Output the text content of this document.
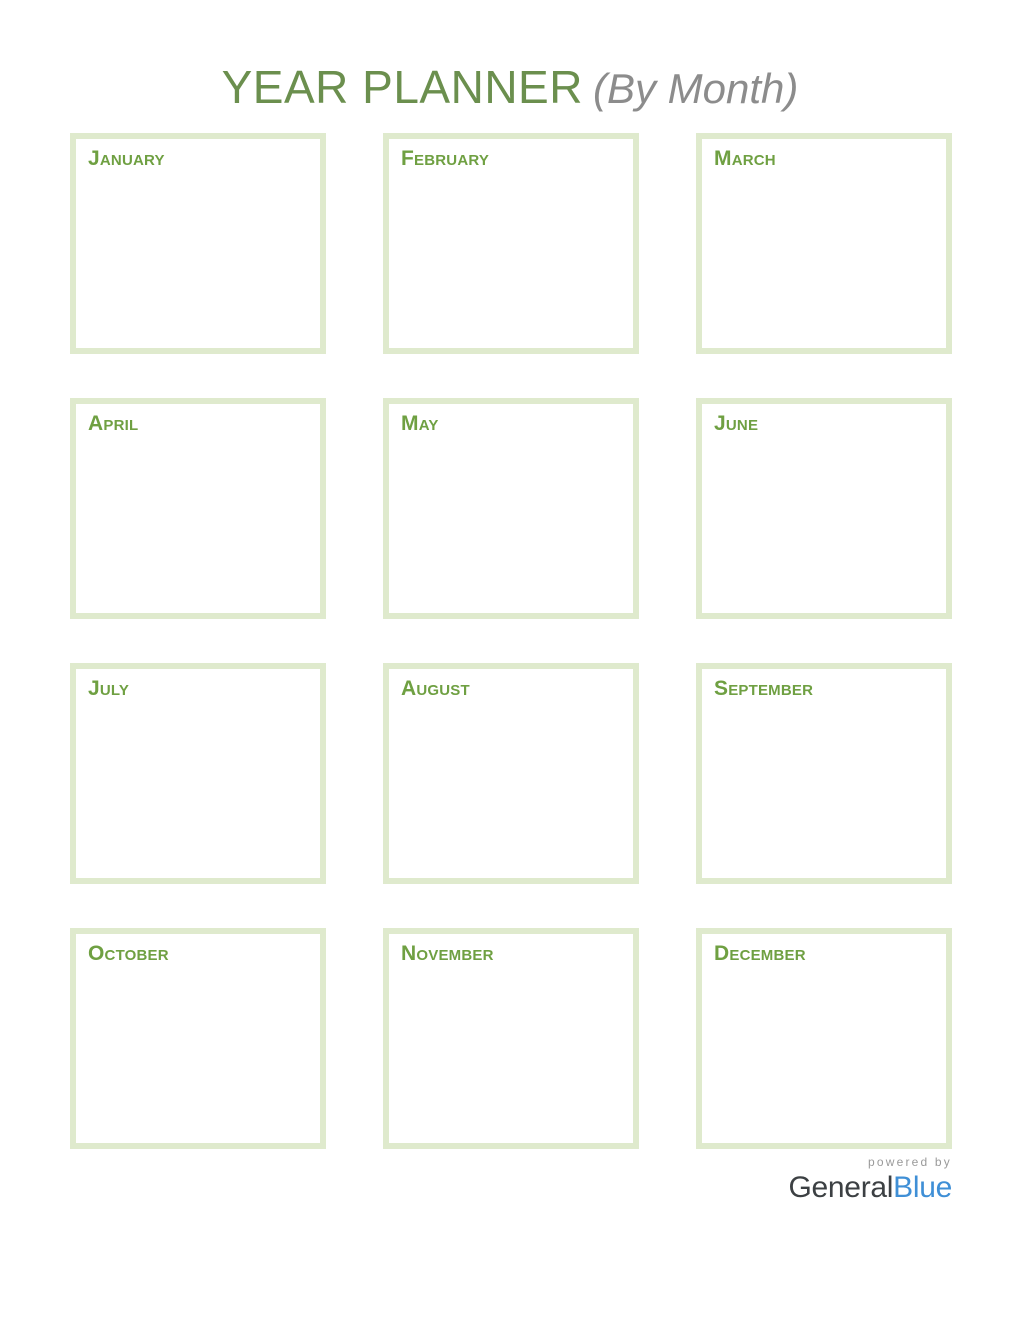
YEAR PLANNER (By Month)
January	February	March
April	May	June
July	August	September
October	November	December
powered by
GeneralBlue
